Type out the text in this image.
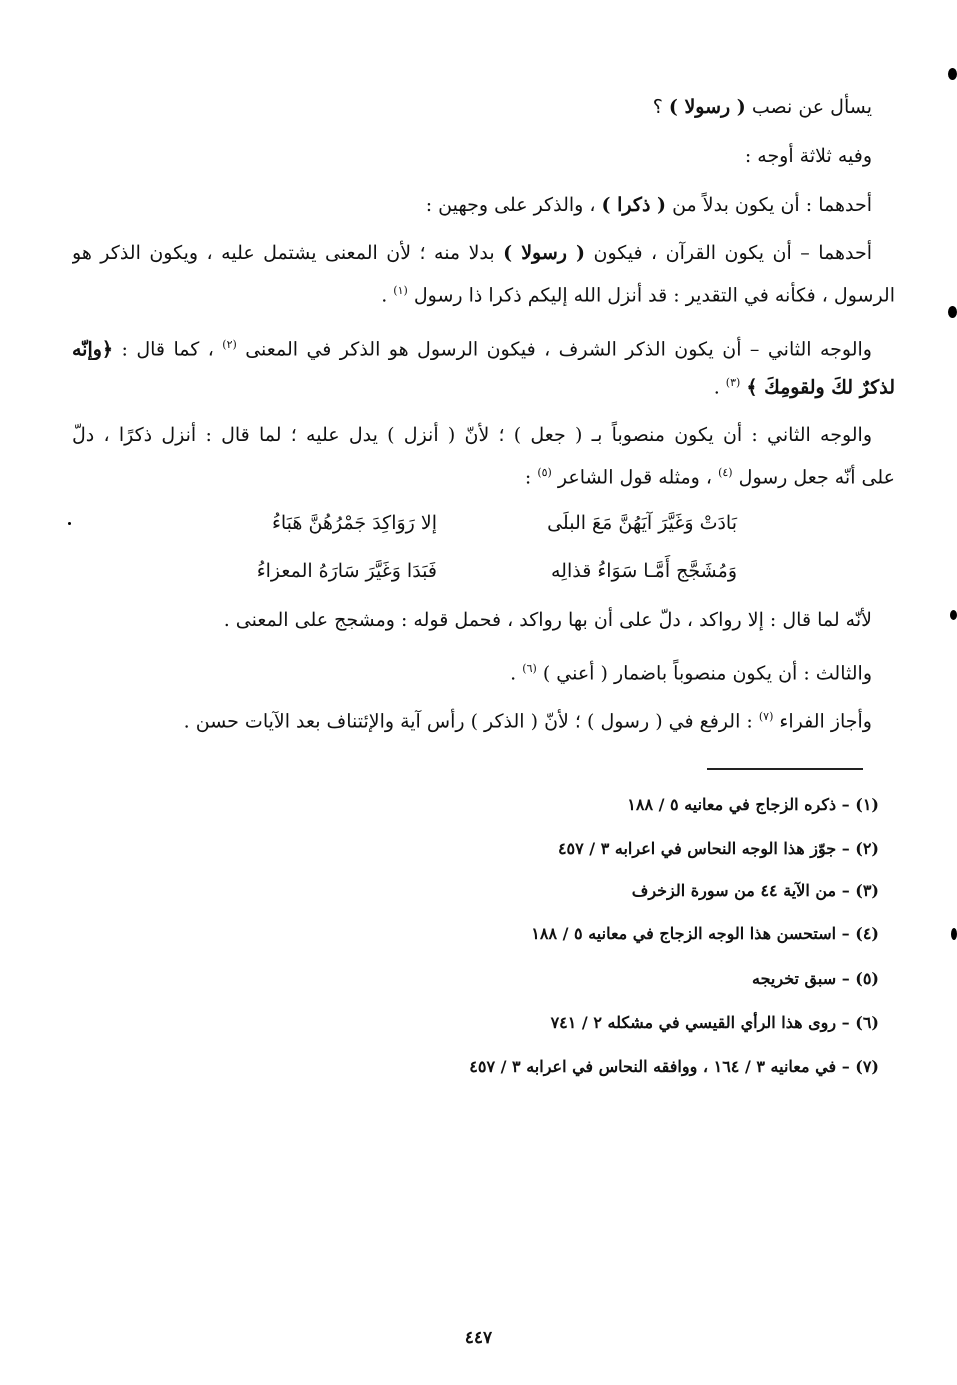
يسأل عن نصب ( رسولا ) ؟
وفيه ثلاثة أوجه :
أحدهما : أن يكون بدلاً من ( ذكرا ) ، والذكر على وجهين :
أحدهما – أن يكون القرآن ، فيكون ( رسولا ) بدلا منه ؛ لأن المعنى يشتمل عليه ، ويكون الذكر هو
الرسول ، فكأنه في التقدير : قد أنزل الله إليكم ذكرا ذا رسول $^{(١)}$ .
والوجه الثاني – أن يكون الذكر الشرف ، فيكون الرسول هو الذكر في المعنى $^{(٢)}$ ، كما قال : ﴿وإنّه
لذكرٌ لكَ ولقومِكَ ﴾ $^{(٣)}$ .
والوجه الثاني : أن يكون منصوباً بـ ( جعل ) ؛ لأنّ ( أنزل ) يدل عليه ؛ لما قال : أنزل ذكرًا ، دلّ
على أنّه جعل رسول $^{(٤)}$ ، ومثله قول الشاعر $^{(٥)}$ :
بَادَتْ وَغَيَّرَ آيَهُنَّ مَعَ البلَى
إلا رَوَاكِدَ جَمْرُهُنَّ هَبَاءُ
وَمُشَجَّج أَمَّـا سَوَاءُ قذالِه
فَبَدَا وَغَيَّرَ سَارَهُ المعزاءُ
لأنّه لما قال : إلا رواكد ، دلّ على أن بها رواكد ، فحمل قوله : ومشجج على المعنى .
والثالث : أن يكون منصوباً باضمار ( أعني ) $^{(٦)}$ .
وأجاز الفراء $^{(٧)}$ : الرفع في ( رسول ) ؛ لأنّ ( الذكر ) رأس آية والإئتناف بعد الآيات حسن .
(١) – ذكره الزجاج في معانيه ٥ / ١٨٨
(٢) – جوّز هذا الوجه النحاس في اعرابه ٣ / ٤٥٧
(٣) – من الآية ٤٤ من سورة الزخرف
(٤) – استحسن هذا الوجه الزجاج في معانيه ٥ / ١٨٨
(٥) – سبق تخريجه
(٦) – روى هذا الرأي القيسي في مشكله ٢ / ٧٤١
(٧) – في معانيه ٣ / ١٦٤ ، ووافقه النحاس في اعرابه ٣ / ٤٥٧
٤٤٧
